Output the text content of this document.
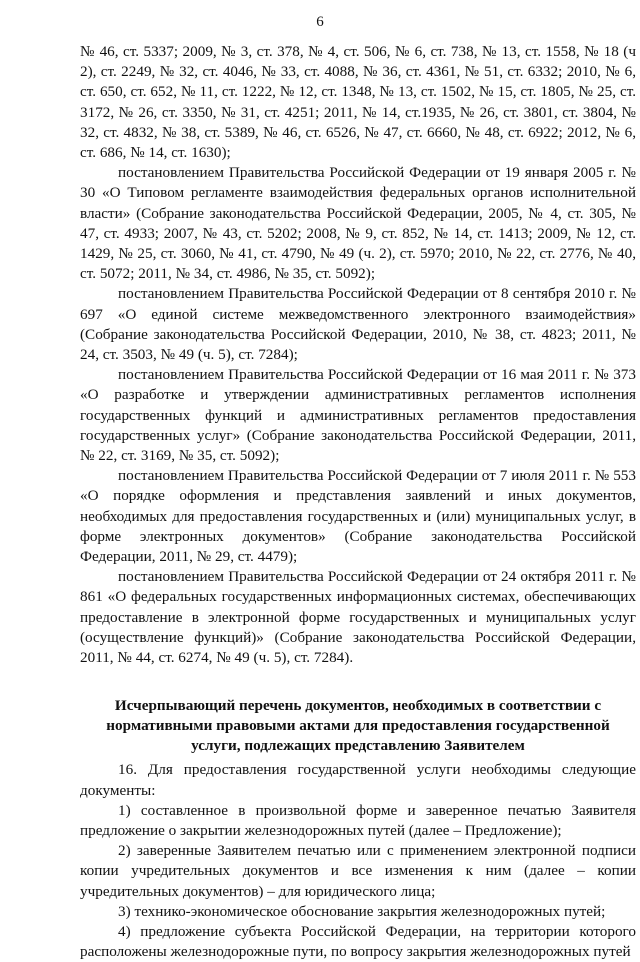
6

№ 46, ст. 5337; 2009, № 3, ст. 378, № 4, ст. 506, № 6, ст. 738, № 13, ст. 1558, № 18 (ч 2), ст. 2249, № 32, ст. 4046, № 33, ст. 4088, № 36, ст. 4361, № 51, ст. 6332; 2010, № 6, ст. 650, ст. 652, № 11, ст. 1222, № 12, ст. 1348, № 13, ст. 1502, № 15, ст. 1805, № 25, ст. 3172, № 26, ст. 3350, № 31, ст. 4251; 2011, № 14, ст.1935, № 26, ст. 3801, ст. 3804, № 32, ст. 4832, № 38, ст. 5389, № 46, ст. 6526, № 47, ст. 6660, № 48, ст. 6922; 2012, № 6, ст. 686, № 14, ст. 1630);

постановлением Правительства Российской Федерации от 19 января 2005 г. № 30 «О Типовом регламенте взаимодействия федеральных органов исполнительной власти» (Собрание законодательства Российской Федерации, 2005, № 4, ст. 305, № 47, ст. 4933; 2007, № 43, ст. 5202; 2008, № 9, ст. 852, № 14, ст. 1413; 2009, № 12, ст. 1429, № 25, ст. 3060, № 41, ст. 4790, № 49 (ч. 2), ст. 5970; 2010, № 22, ст. 2776, № 40, ст. 5072; 2011, № 34, ст. 4986, № 35, ст. 5092);

постановлением Правительства Российской Федерации от 8 сентября 2010 г. № 697 «О единой системе межведомственного электронного взаимодействия» (Собрание законодательства Российской Федерации, 2010, № 38, ст. 4823; 2011, № 24, ст. 3503, № 49 (ч. 5), ст. 7284);

постановлением Правительства Российской Федерации от 16 мая 2011 г. № 373 «О разработке и утверждении административных регламентов исполнения государственных функций и административных регламентов предоставления государственных услуг» (Собрание законодательства Российской Федерации, 2011, № 22, ст. 3169, № 35, ст. 5092);

постановлением Правительства Российской Федерации от 7 июля 2011 г. № 553 «О порядке оформления и представления заявлений и иных документов, необходимых для предоставления государственных и (или) муниципальных услуг, в форме электронных документов» (Собрание законодательства Российской Федерации, 2011, № 29, ст. 4479);

постановлением Правительства Российской Федерации от 24 октября 2011 г. № 861 «О федеральных государственных информационных системах, обеспечивающих предоставление в электронной форме государственных и муниципальных услуг (осуществление функций)» (Собрание законодательства Российской Федерации, 2011, № 44, ст. 6274, № 49 (ч. 5), ст. 7284).

Исчерпывающий перечень документов, необходимых в соответствии с нормативными правовыми актами для предоставления государственной услуги, подлежащих представлению Заявителем

16. Для предоставления государственной услуги необходимы следующие документы:

1) составленное в произвольной форме и заверенное печатью Заявителя предложение о закрытии железнодорожных путей (далее – Предложение);

2) заверенные Заявителем печатью или с применением электронной подписи копии учредительных документов и все изменения к ним (далее – копии учредительных документов) – для юридического лица;

3) технико-экономическое обоснование закрытия железнодорожных путей;

4) предложение субъекта Российской Федерации, на территории которого расположены железнодорожные пути, по вопросу закрытия железнодорожных путей
